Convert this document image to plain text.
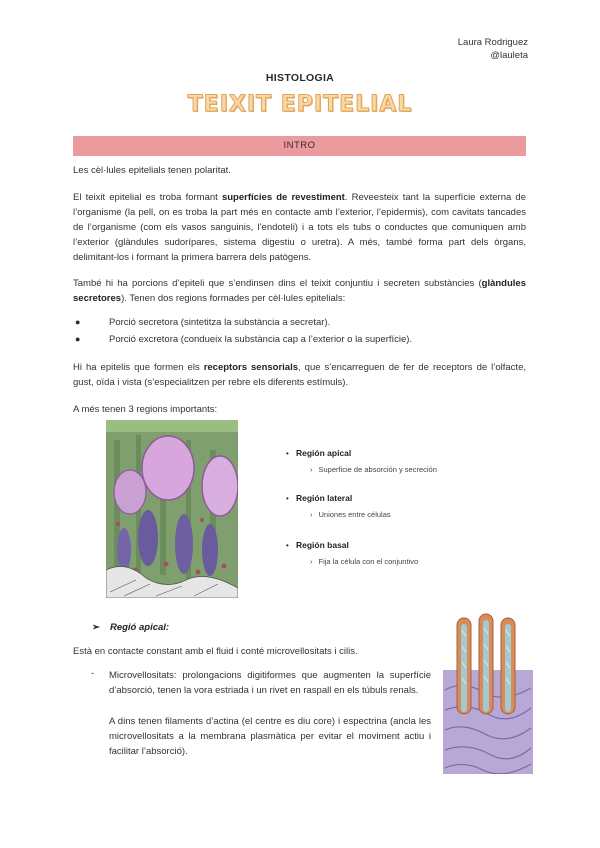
Laura Rodriguez
@lauleta
HISTOLOGIA
TEIXIT EPITELIAL
INTRO
Les cèl·lules epitelials tenen polaritat.
El teixit epitelial es troba formant superfícies de revestiment. Reveesteix tant la superfície externa de l’organisme (la pell, on es troba la part més en contacte amb l’exterior, l’epidermis), com cavitats tancades de l’organisme (com els vasos sanguinis, l’endoteli) i a tots els tubs o conductes que comuniquen amb l’exterior (glàndules sudorípares, sistema digestiu o uretra). A més, també forma part dels òrgans, delimitant-los i formant la primera barrera dels patògens.
També hi ha porcions d’epiteli que s’endinsen dins el teixit conjuntiu i secreten substàncies (glàndules secretores). Tenen dos regions formades per cèl·lules epitelials:
●	Porció secretora (sintetitza la substància a secretar).
●	Porció excretora (condueix la substància cap a l’exterior o la superfície).
Hi ha epitelis que formen els receptors sensorials, que s’encarreguen de fer de receptors de l’olfacte, gust, oïda i vista (s’especialitzen per rebre els diferents estímuls).
A més tenen 3 regions importants:
• Región apical
› Superficie de absorción y secreción
• Región lateral
› Uniones entre células
• Región basal
› Fija la célula con el conjuntivo
➢ Regió apical:
Està en contacte constant amb el fluid i conté microvellositats i cilis.
- Microvellositats: prolongacions digitiformes que augmenten la superfície d’absorció, tenen la vora estriada i un rivet en raspall en els túbuls renals.
A dins tenen filaments d’actina (el centre es diu core) i espectrina (ancla les microvellositats a la membrana plasmàtica per evitar el moviment actiu i facilitar l’absorció).
